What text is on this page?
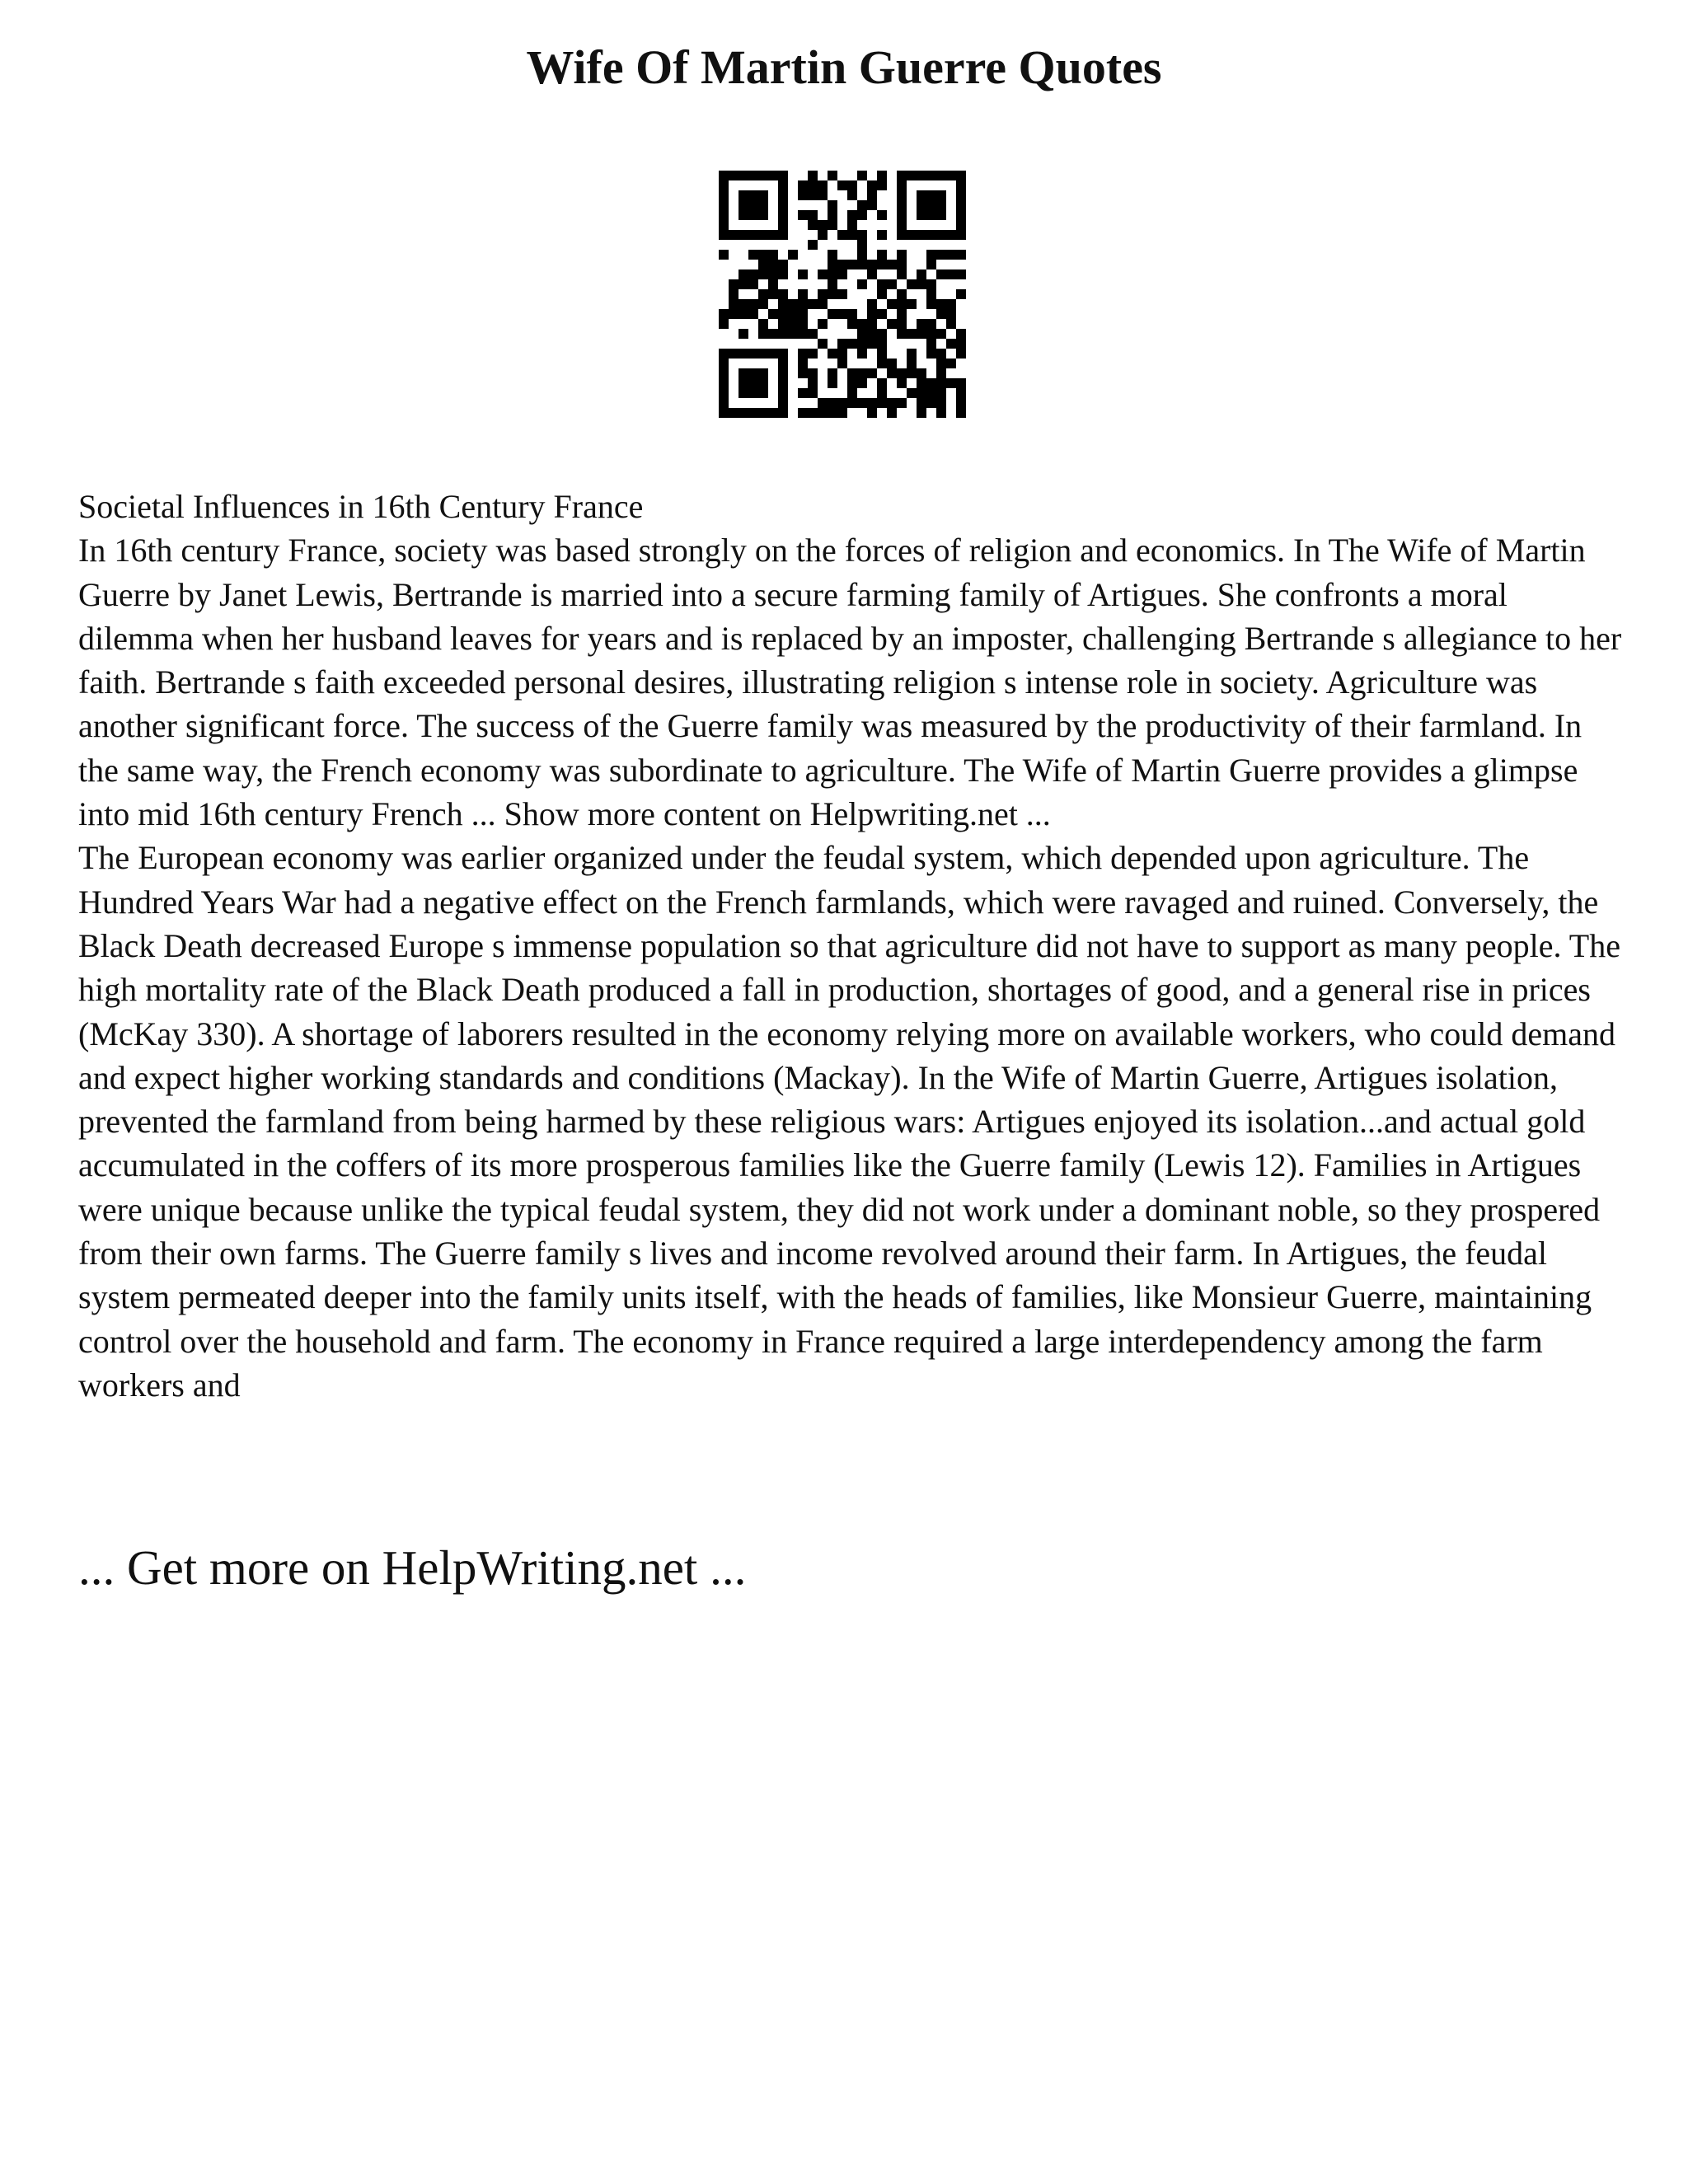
Wife Of Martin Guerre Quotes

Societal Influences in 16th Century France

In 16th century France, society was based strongly on the forces of religion and economics. In The Wife of Martin Guerre by Janet Lewis, Bertrande is married into a secure farming family of Artigues. She confronts a moral dilemma when her husband leaves for years and is replaced by an imposter, challenging Bertrande s allegiance to her faith. Bertrande s faith exceeded personal desires, illustrating religion s intense role in society. Agriculture was another significant force. The success of the Guerre family was measured by the productivity of their farmland. In the same way, the French economy was subordinate to agriculture. The Wife of Martin Guerre provides a glimpse into mid 16th century French ... Show more content on Helpwriting.net ...

The European economy was earlier organized under the feudal system, which depended upon agriculture. The Hundred Years War had a negative effect on the French farmlands, which were ravaged and ruined. Conversely, the Black Death decreased Europe s immense population so that agriculture did not have to support as many people. The high mortality rate of the Black Death produced a fall in production, shortages of good, and a general rise in prices (McKay 330). A shortage of laborers resulted in the economy relying more on available workers, who could demand and expect higher working standards and conditions (Mackay). In the Wife of Martin Guerre, Artigues isolation, prevented the farmland from being harmed by these religious wars: Artigues enjoyed its isolation...and actual gold accumulated in the coffers of its more prosperous families like the Guerre family (Lewis 12). Families in Artigues were unique because unlike the typical feudal system, they did not work under a dominant noble, so they prospered from their own farms. The Guerre family s lives and income revolved around their farm. In Artigues, the feudal system permeated deeper into the family units itself, with the heads of families, like Monsieur Guerre, maintaining control over the household and farm. The economy in France required a large interdependency among the farm workers and

... Get more on HelpWriting.net ...
